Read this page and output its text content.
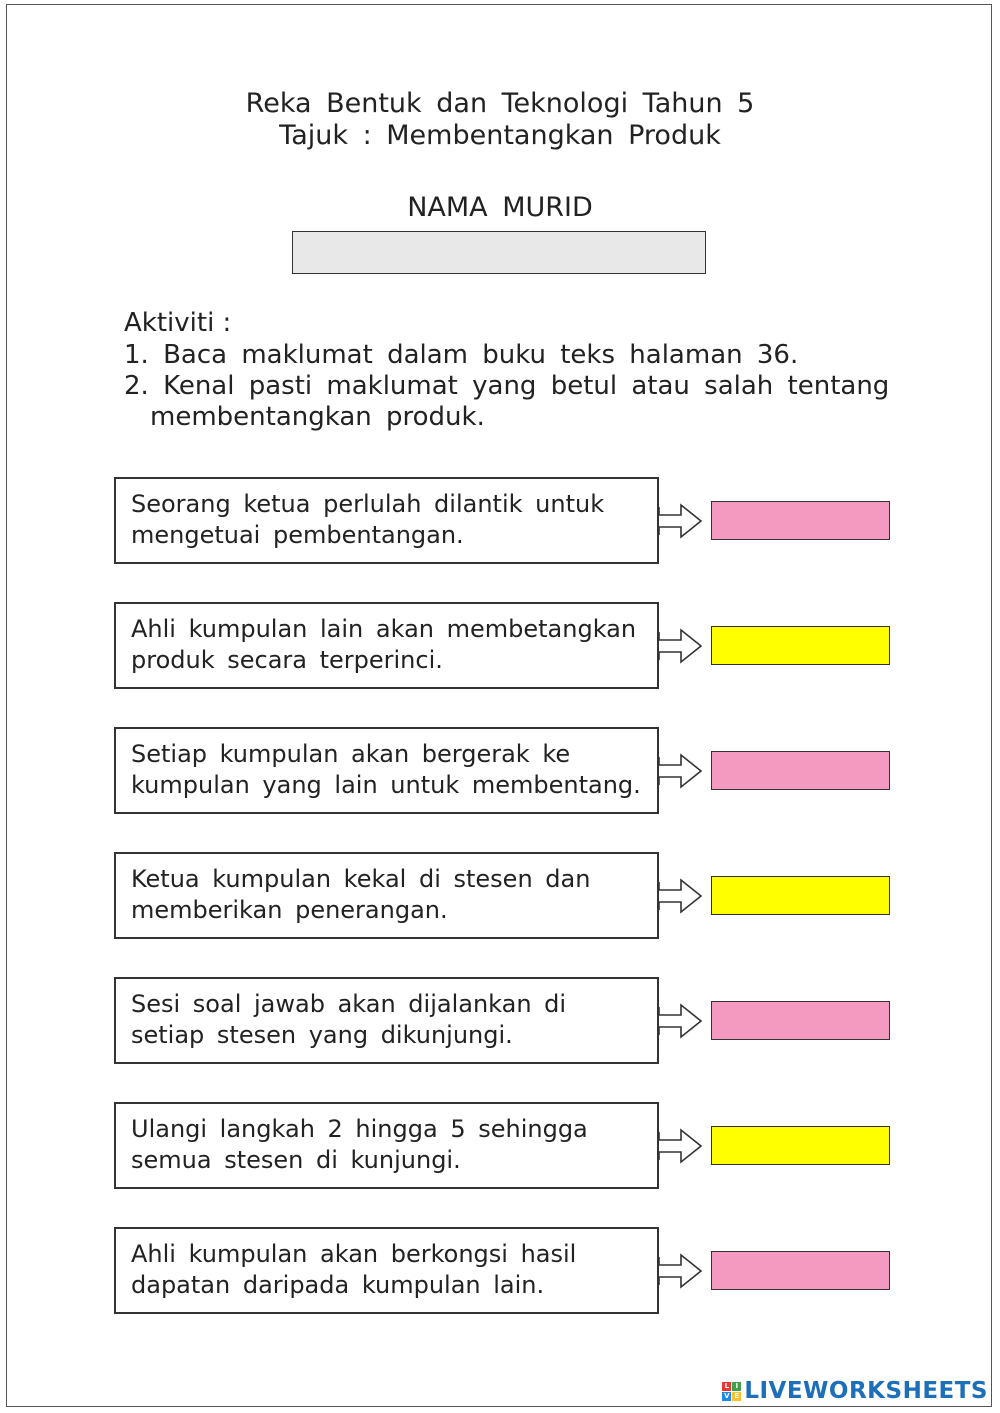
Reka Bentuk dan Teknologi Tahun 5
Tajuk : Membentangkan Produk
NAMA MURID
Aktiviti :
1. Baca maklumat dalam buku teks halaman 36.
2. Kenal pasti maklumat yang betul atau salah tentang
membentangkan produk.
Seorang ketua perlulah dilantik untuk
mengetuai pembentangan.
Ahli kumpulan lain akan membetangkan
produk secara terperinci.
Setiap kumpulan akan bergerak ke
kumpulan yang lain untuk membentang.
Ketua kumpulan kekal di stesen dan
memberikan penerangan.
Sesi soal jawab akan dijalankan di
setiap stesen yang dikunjungi.
Ulangi langkah 2 hingga 5 sehingga
semua stesen di kunjungi.
Ahli kumpulan akan berkongsi hasil
dapatan daripada kumpulan lain.
L I
V E LIVEWORKSHEETS
